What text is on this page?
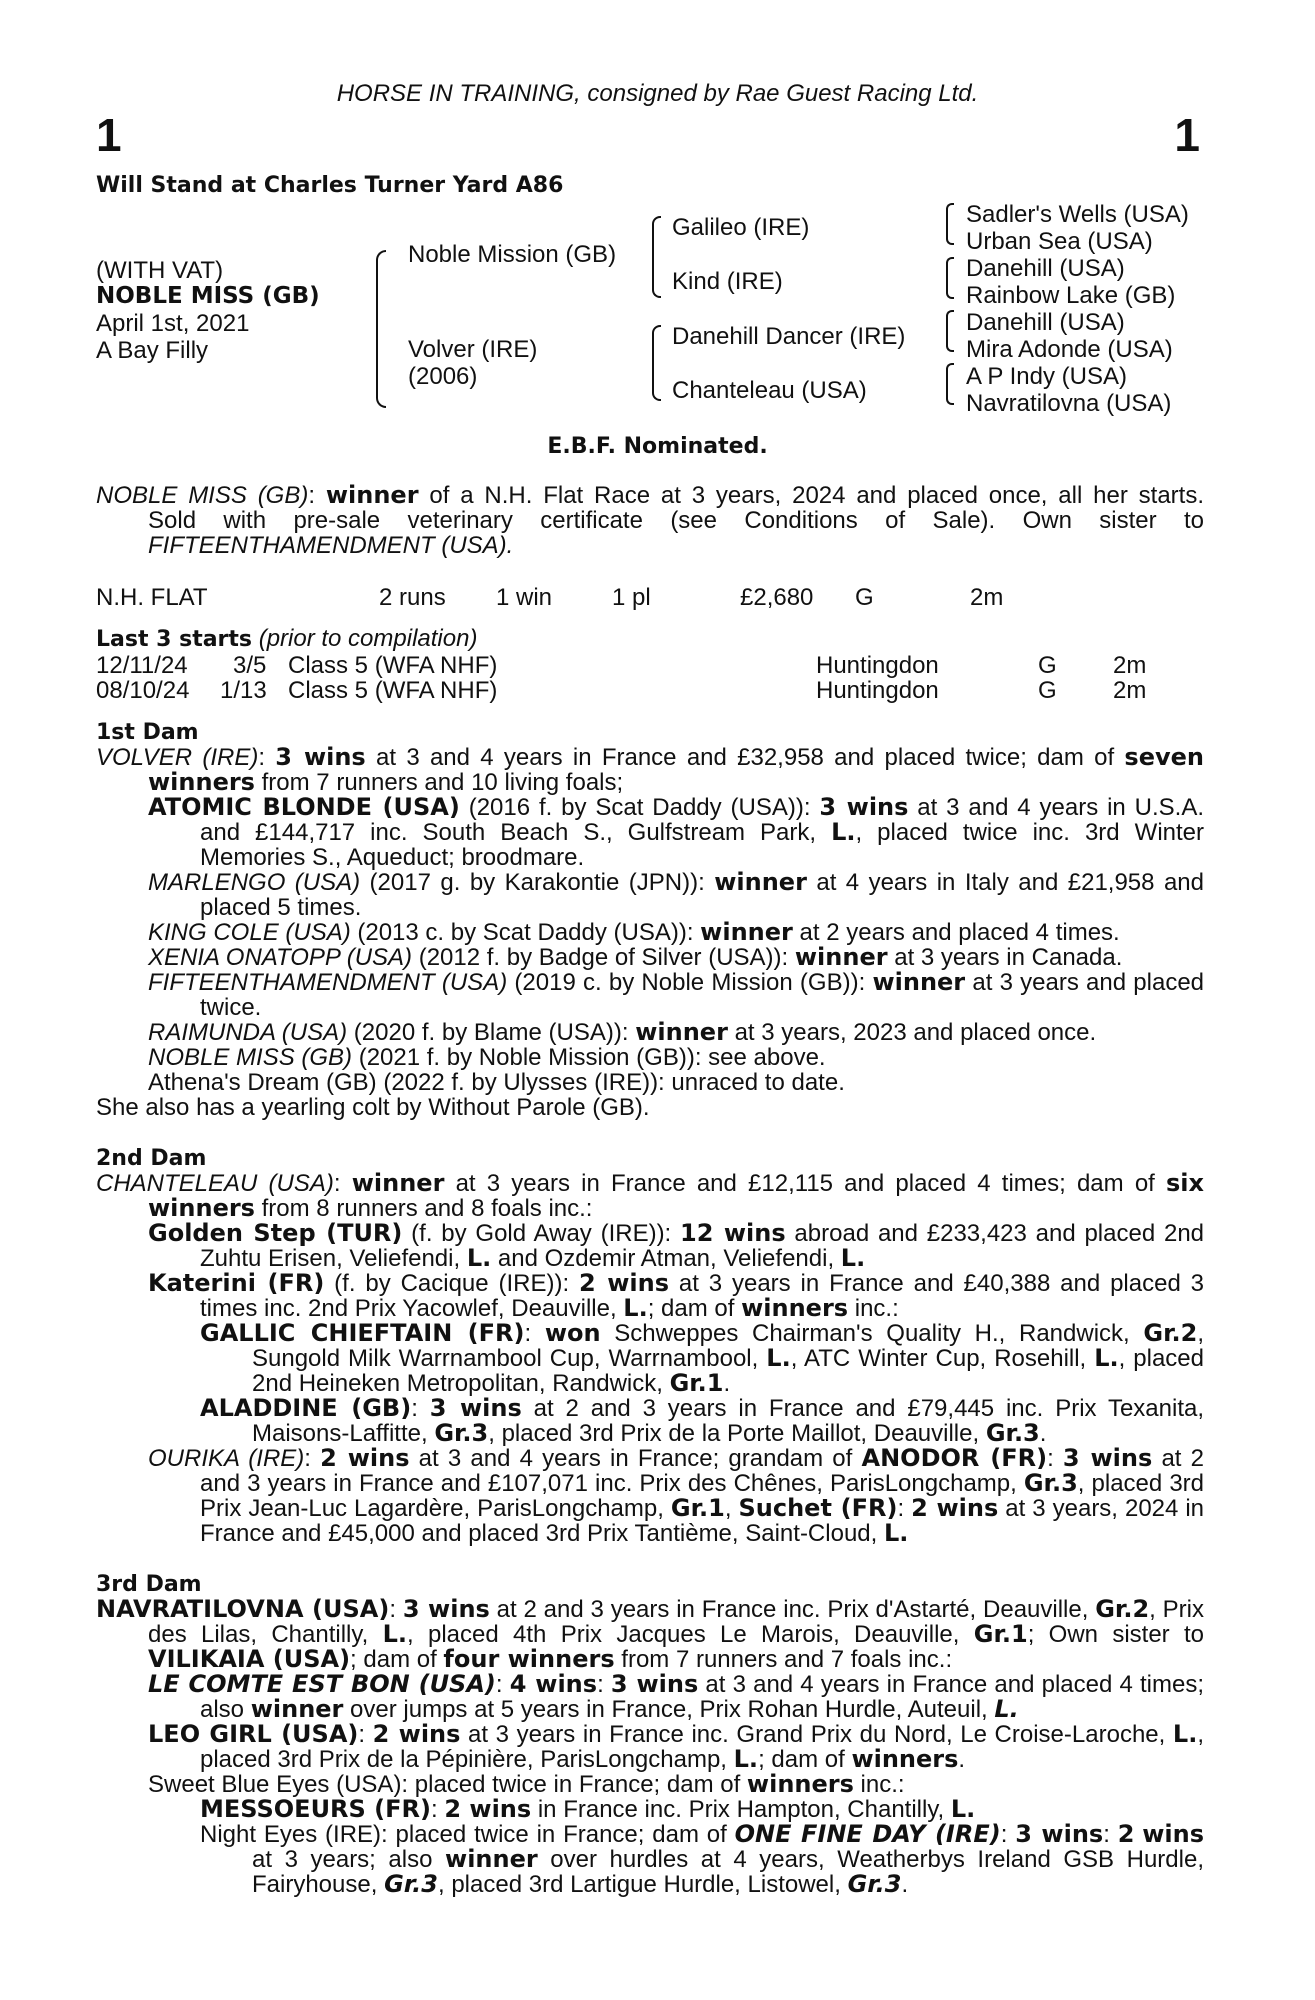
HORSE IN TRAINING, consigned by Rae Guest Racing Ltd.
1	1
Will Stand at Charles Turner Yard A86
(WITH VAT)
NOBLE MISS (GB)
April 1st, 2021
A Bay Filly
Noble Mission (GB)
Volver (IRE)
(2006)
Galileo (IRE)
Kind (IRE)
Danehill Dancer (IRE)
Chanteleau (USA)
Sadler's Wells (USA)
Urban Sea (USA)
Danehill (USA)
Rainbow Lake (GB)
Danehill (USA)
Mira Adonde (USA)
A P Indy (USA)
Navratilovna (USA)
E.B.F. Nominated.

NOBLE MISS (GB): winner of a N.H. Flat Race at 3 years, 2024 and placed once, all her starts.

Sold with pre-sale veterinary certificate (see Conditions of Sale). Own sister to

FIFTEENTHAMENDMENT (USA).

N.H. FLAT	2 runs 1 win 1 pl	£2,680 G	2m
Last 3 starts (prior to compilation)
12/11/24 3/5 Class 5 (WFA NHF)	Huntingdon	G 2m
08/10/24 1/13 Class 5 (WFA NHF)	Huntingdon	G 2m

1st Dam

VOLVER (IRE): 3 wins at 3 and 4 years in France and £32,958 and placed twice; dam of seven winners from 7 runners and 10 living foals;

ATOMIC BLONDE (USA) (2016 f. by Scat Daddy (USA)): 3 wins at 3 and 4 years in U.S.A. and £144,717 inc. South Beach S., Gulfstream Park, L., placed twice inc. 3rd Winter Memories S., Aqueduct; broodmare.

MARLENGO (USA) (2017 g. by Karakontie (JPN)): winner at 4 years in Italy and £21,958 and placed 5 times.

KING COLE (USA) (2013 c. by Scat Daddy (USA)): winner at 2 years and placed 4 times.

XENIA ONATOPP (USA) (2012 f. by Badge of Silver (USA)): winner at 3 years in Canada.

FIFTEENTHAMENDMENT (USA) (2019 c. by Noble Mission (GB)): winner at 3 years and placed twice.

RAIMUNDA (USA) (2020 f. by Blame (USA)): winner at 3 years, 2023 and placed once.

NOBLE MISS (GB) (2021 f. by Noble Mission (GB)): see above.

Athena's Dream (GB) (2022 f. by Ulysses (IRE)): unraced to date.

She also has a yearling colt by Without Parole (GB).

2nd Dam

CHANTELEAU (USA): winner at 3 years in France and £12,115 and placed 4 times; dam of six winners from 8 runners and 8 foals inc.:

Golden Step (TUR) (f. by Gold Away (IRE)): 12 wins abroad and £233,423 and placed 2nd Zuhtu Erisen, Veliefendi, L. and Ozdemir Atman, Veliefendi, L.

Katerini (FR) (f. by Cacique (IRE)): 2 wins at 3 years in France and £40,388 and placed 3 times inc. 2nd Prix Yacowlef, Deauville, L.; dam of winners inc.:

GALLIC CHIEFTAIN (FR): won Schweppes Chairman's Quality H., Randwick, Gr.2, Sungold Milk Warrnambool Cup, Warrnambool, L., ATC Winter Cup, Rosehill, L., placed 2nd Heineken Metropolitan, Randwick, Gr.1.

ALADDINE (GB): 3 wins at 2 and 3 years in France and £79,445 inc. Prix Texanita, Maisons-Laffitte, Gr.3, placed 3rd Prix de la Porte Maillot, Deauville, Gr.3.

OURIKA (IRE): 2 wins at 3 and 4 years in France; grandam of ANODOR (FR): 3 wins at 2 and 3 years in France and £107,071 inc. Prix des Chênes, ParisLongchamp, Gr.3, placed 3rd Prix Jean-Luc Lagardère, ParisLongchamp, Gr.1, Suchet (FR): 2 wins at 3 years, 2024 in France and £45,000 and placed 3rd Prix Tantième, Saint-Cloud, L.

3rd Dam

NAVRATILOVNA (USA): 3 wins at 2 and 3 years in France inc. Prix d'Astarté, Deauville, Gr.2, Prix des Lilas, Chantilly, L., placed 4th Prix Jacques Le Marois, Deauville, Gr.1; Own sister to VILIKAIA (USA); dam of four winners from 7 runners and 7 foals inc.:

LE COMTE EST BON (USA): 4 wins: 3 wins at 3 and 4 years in France and placed 4 times; also winner over jumps at 5 years in France, Prix Rohan Hurdle, Auteuil, L.

LEO GIRL (USA): 2 wins at 3 years in France inc. Grand Prix du Nord, Le Croise-Laroche, L., placed 3rd Prix de la Pépinière, ParisLongchamp, L.; dam of winners.

Sweet Blue Eyes (USA): placed twice in France; dam of winners inc.:

MESSOEURS (FR): 2 wins in France inc. Prix Hampton, Chantilly, L.

Night Eyes (IRE): placed twice in France; dam of ONE FINE DAY (IRE): 3 wins: 2 wins at 3 years; also winner over hurdles at 4 years, Weatherbys Ireland GSB Hurdle, Fairyhouse, Gr.3, placed 3rd Lartigue Hurdle, Listowel, Gr.3.
